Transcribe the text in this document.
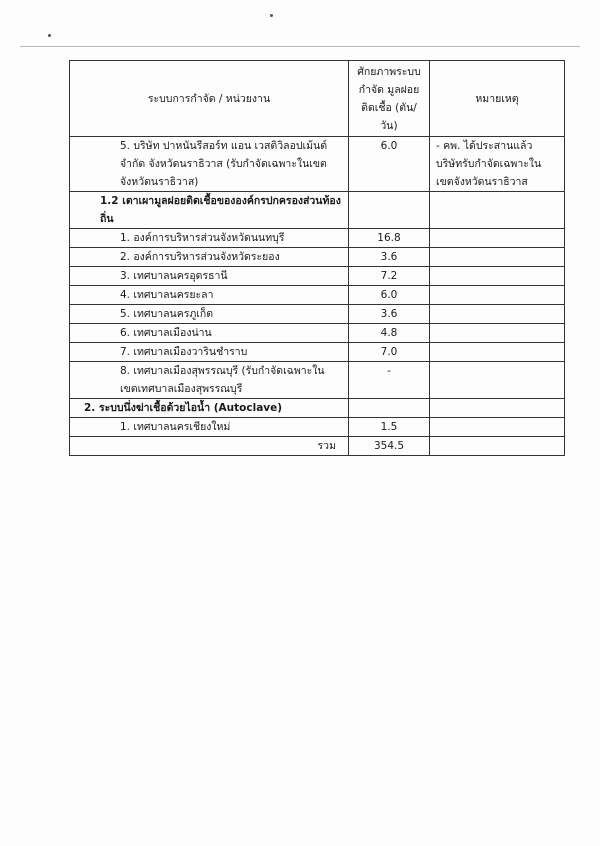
ระบบการกำจัด / หน่วยงาน	ศักยภาพระบบ กำจัด มูลฝอยติดเชื้อ (ตัน/วัน)	หมายเหตุ
5. บริษัท ปาหนันรีสอร์ท แอน เวสติวิลอปเม้นต์ จำกัด จังหวัดนราธิวาส (รับกำจัดเฉพาะในเขตจังหวัดนราธิวาส)	6.0	- คพ. ได้ประสานแล้ว บริษัทรับกำจัดเฉพาะในเขตจังหวัดนราธิวาส
1.2 เตาเผามูลฝอยติดเชื้อขององค์กรปกครองส่วนท้องถิ่น		
1. องค์การบริหารส่วนจังหวัดนนทบุรี	16.8	
2. องค์การบริหารส่วนจังหวัดระยอง	3.6	
3. เทศบาลนครอุดรธานี	7.2	
4. เทศบาลนครยะลา	6.0	
5. เทศบาลนครภูเก็ต	3.6	
6. เทศบาลเมืองน่าน	4.8	
7. เทศบาลเมืองวารินชำราบ	7.0	
8. เทศบาลเมืองสุพรรณบุรี (รับกำจัดเฉพาะในเขตเทศบาลเมืองสุพรรณบุรี	-	
2. ระบบนึ่งฆ่าเชื้อด้วยไอน้ำ (Autoclave)		
1. เทศบาลนครเชียงใหม่	1.5	
รวม	354.5	
